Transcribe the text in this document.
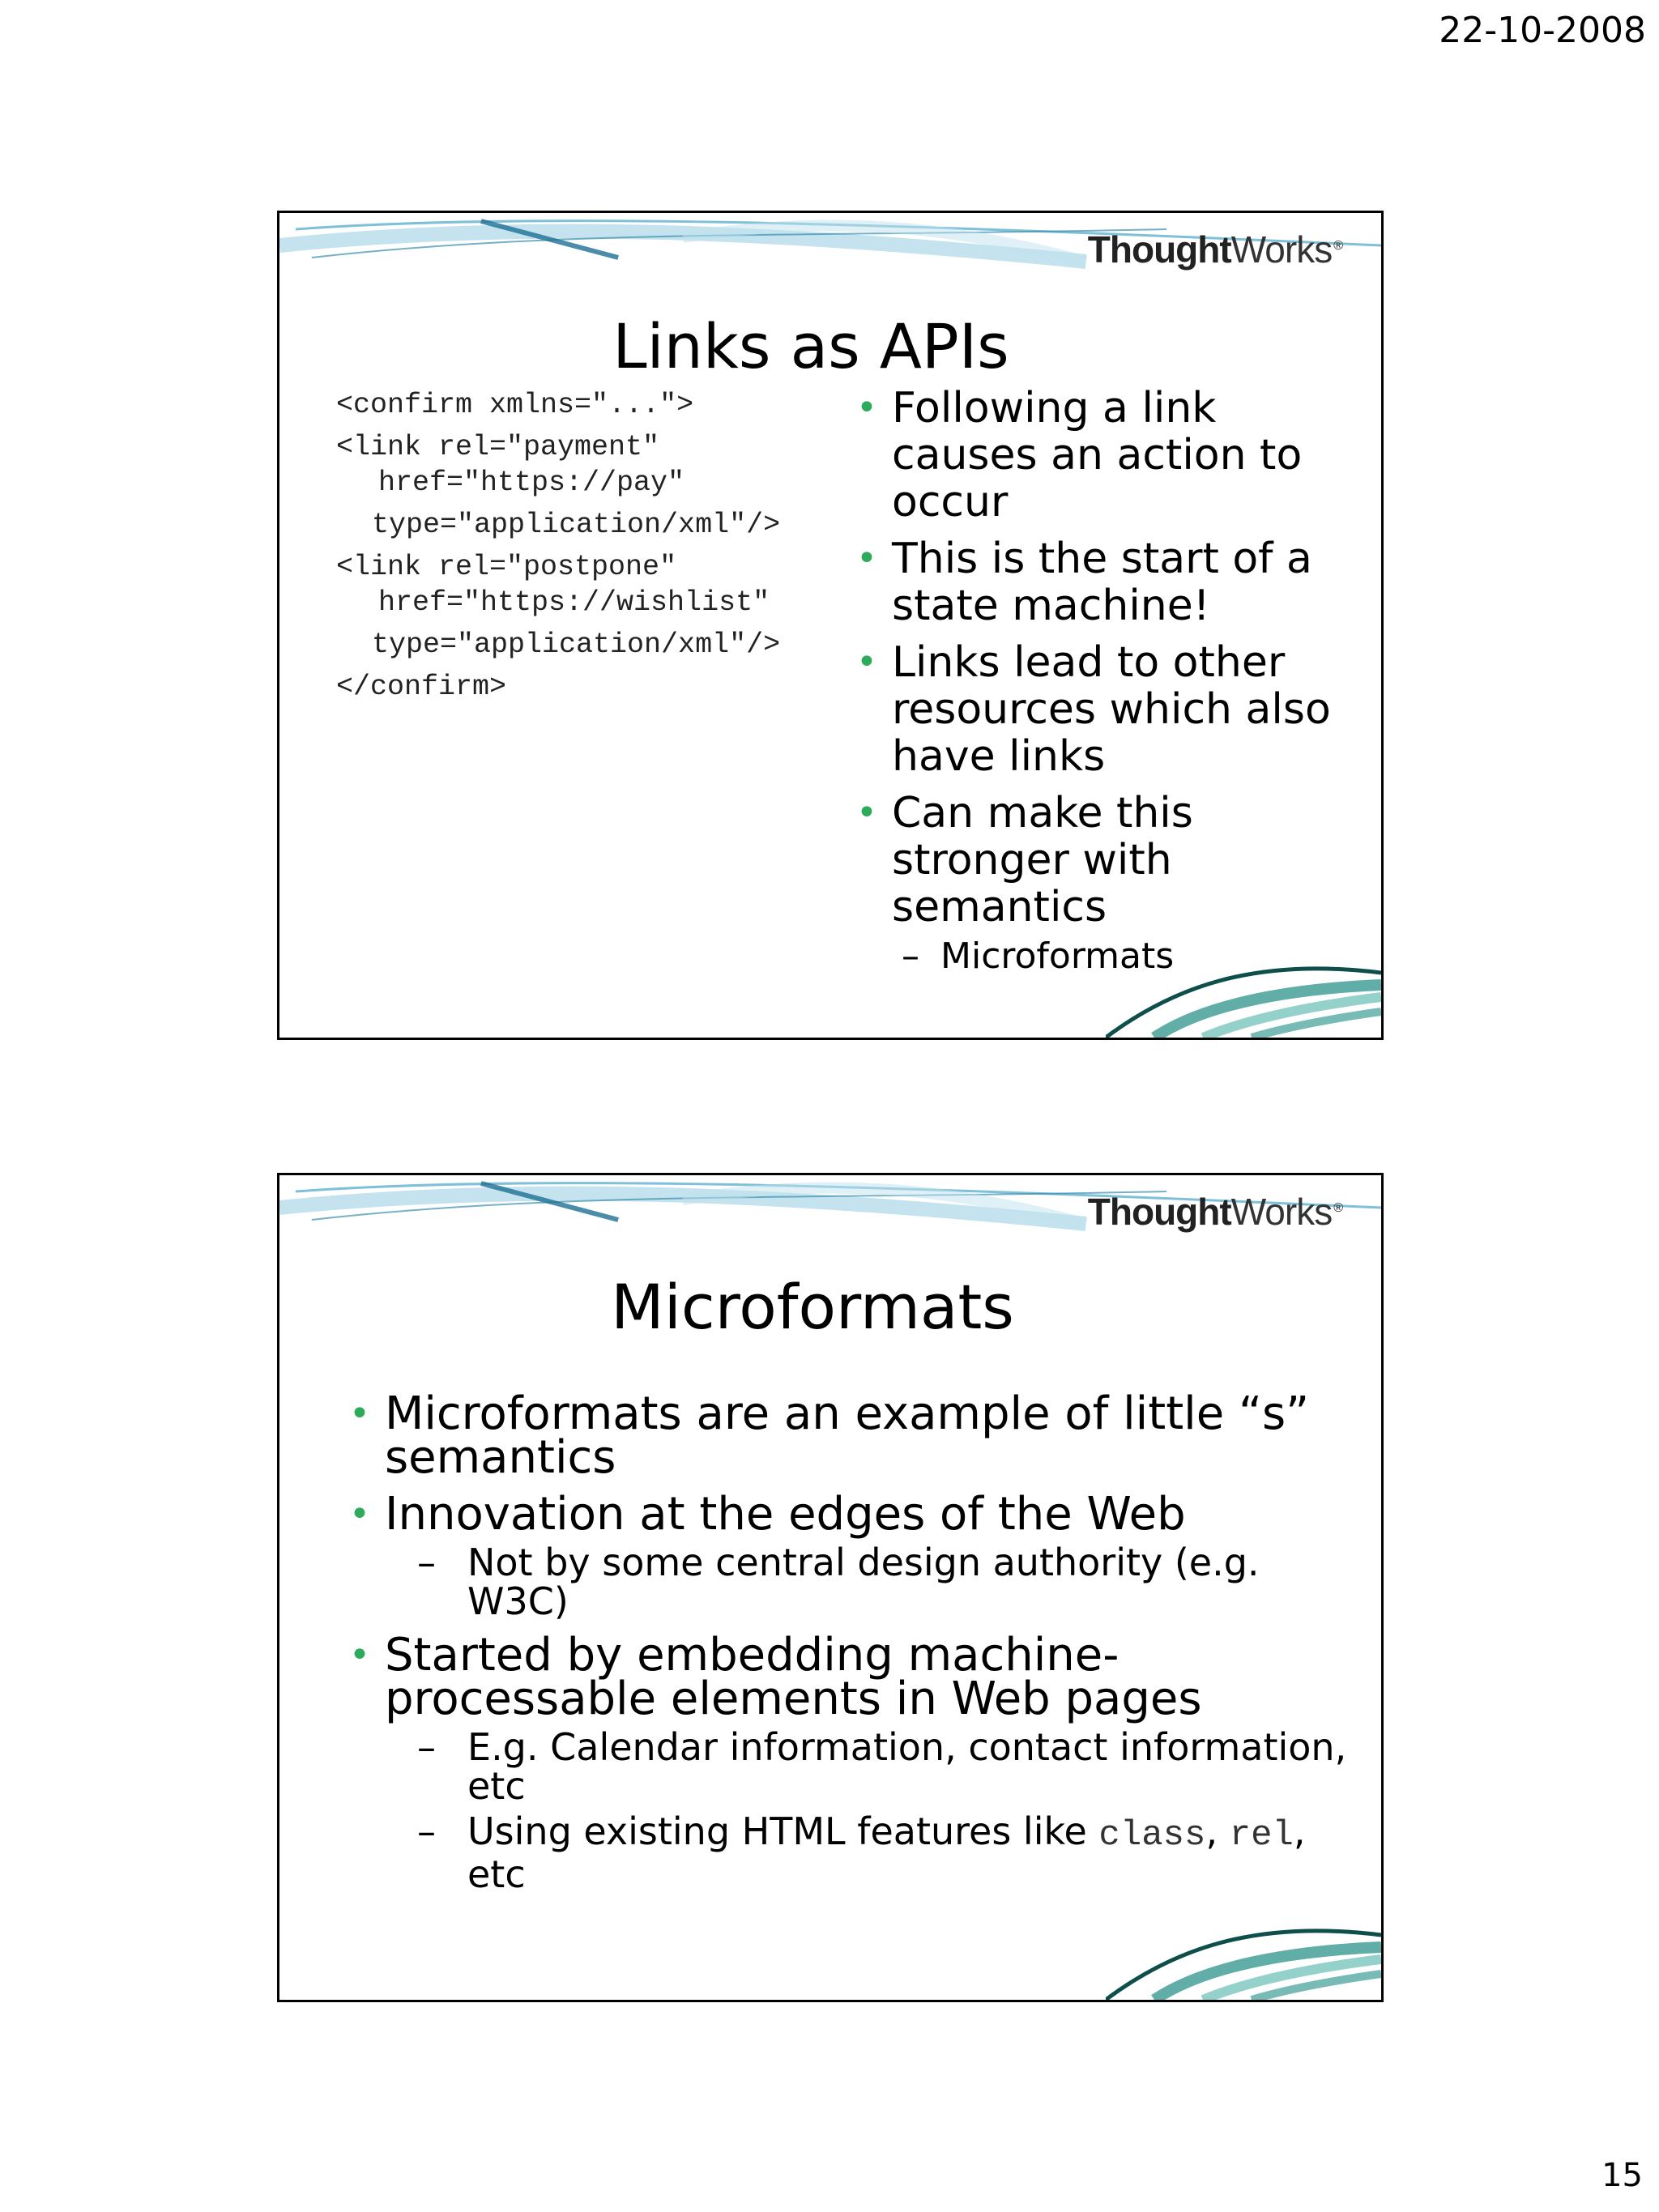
22-10-2008
ThoughtWorks ®
Links as APIs
<confirm xmlns="...">
<link rel="payment"
href="https://pay"
type="application/xml"/>
<link rel="postpone"
href="https://wishlist"
type="application/xml"/>
</confirm>
• Following a link causes an action to occur
• This is the start of a state machine!
• Links lead to other resources which also have links
• Can make this stronger with semantics
– Microformats
ThoughtWorks ®
Microformats
• Microformats are an example of little “s” semantics
• Innovation at the edges of the Web
– Not by some central design authority (e.g. W3C)
• Started by embedding machine-processable elements in Web pages
– E.g. Calendar information, contact information, etc
– Using existing HTML features like class, rel, etc
15
